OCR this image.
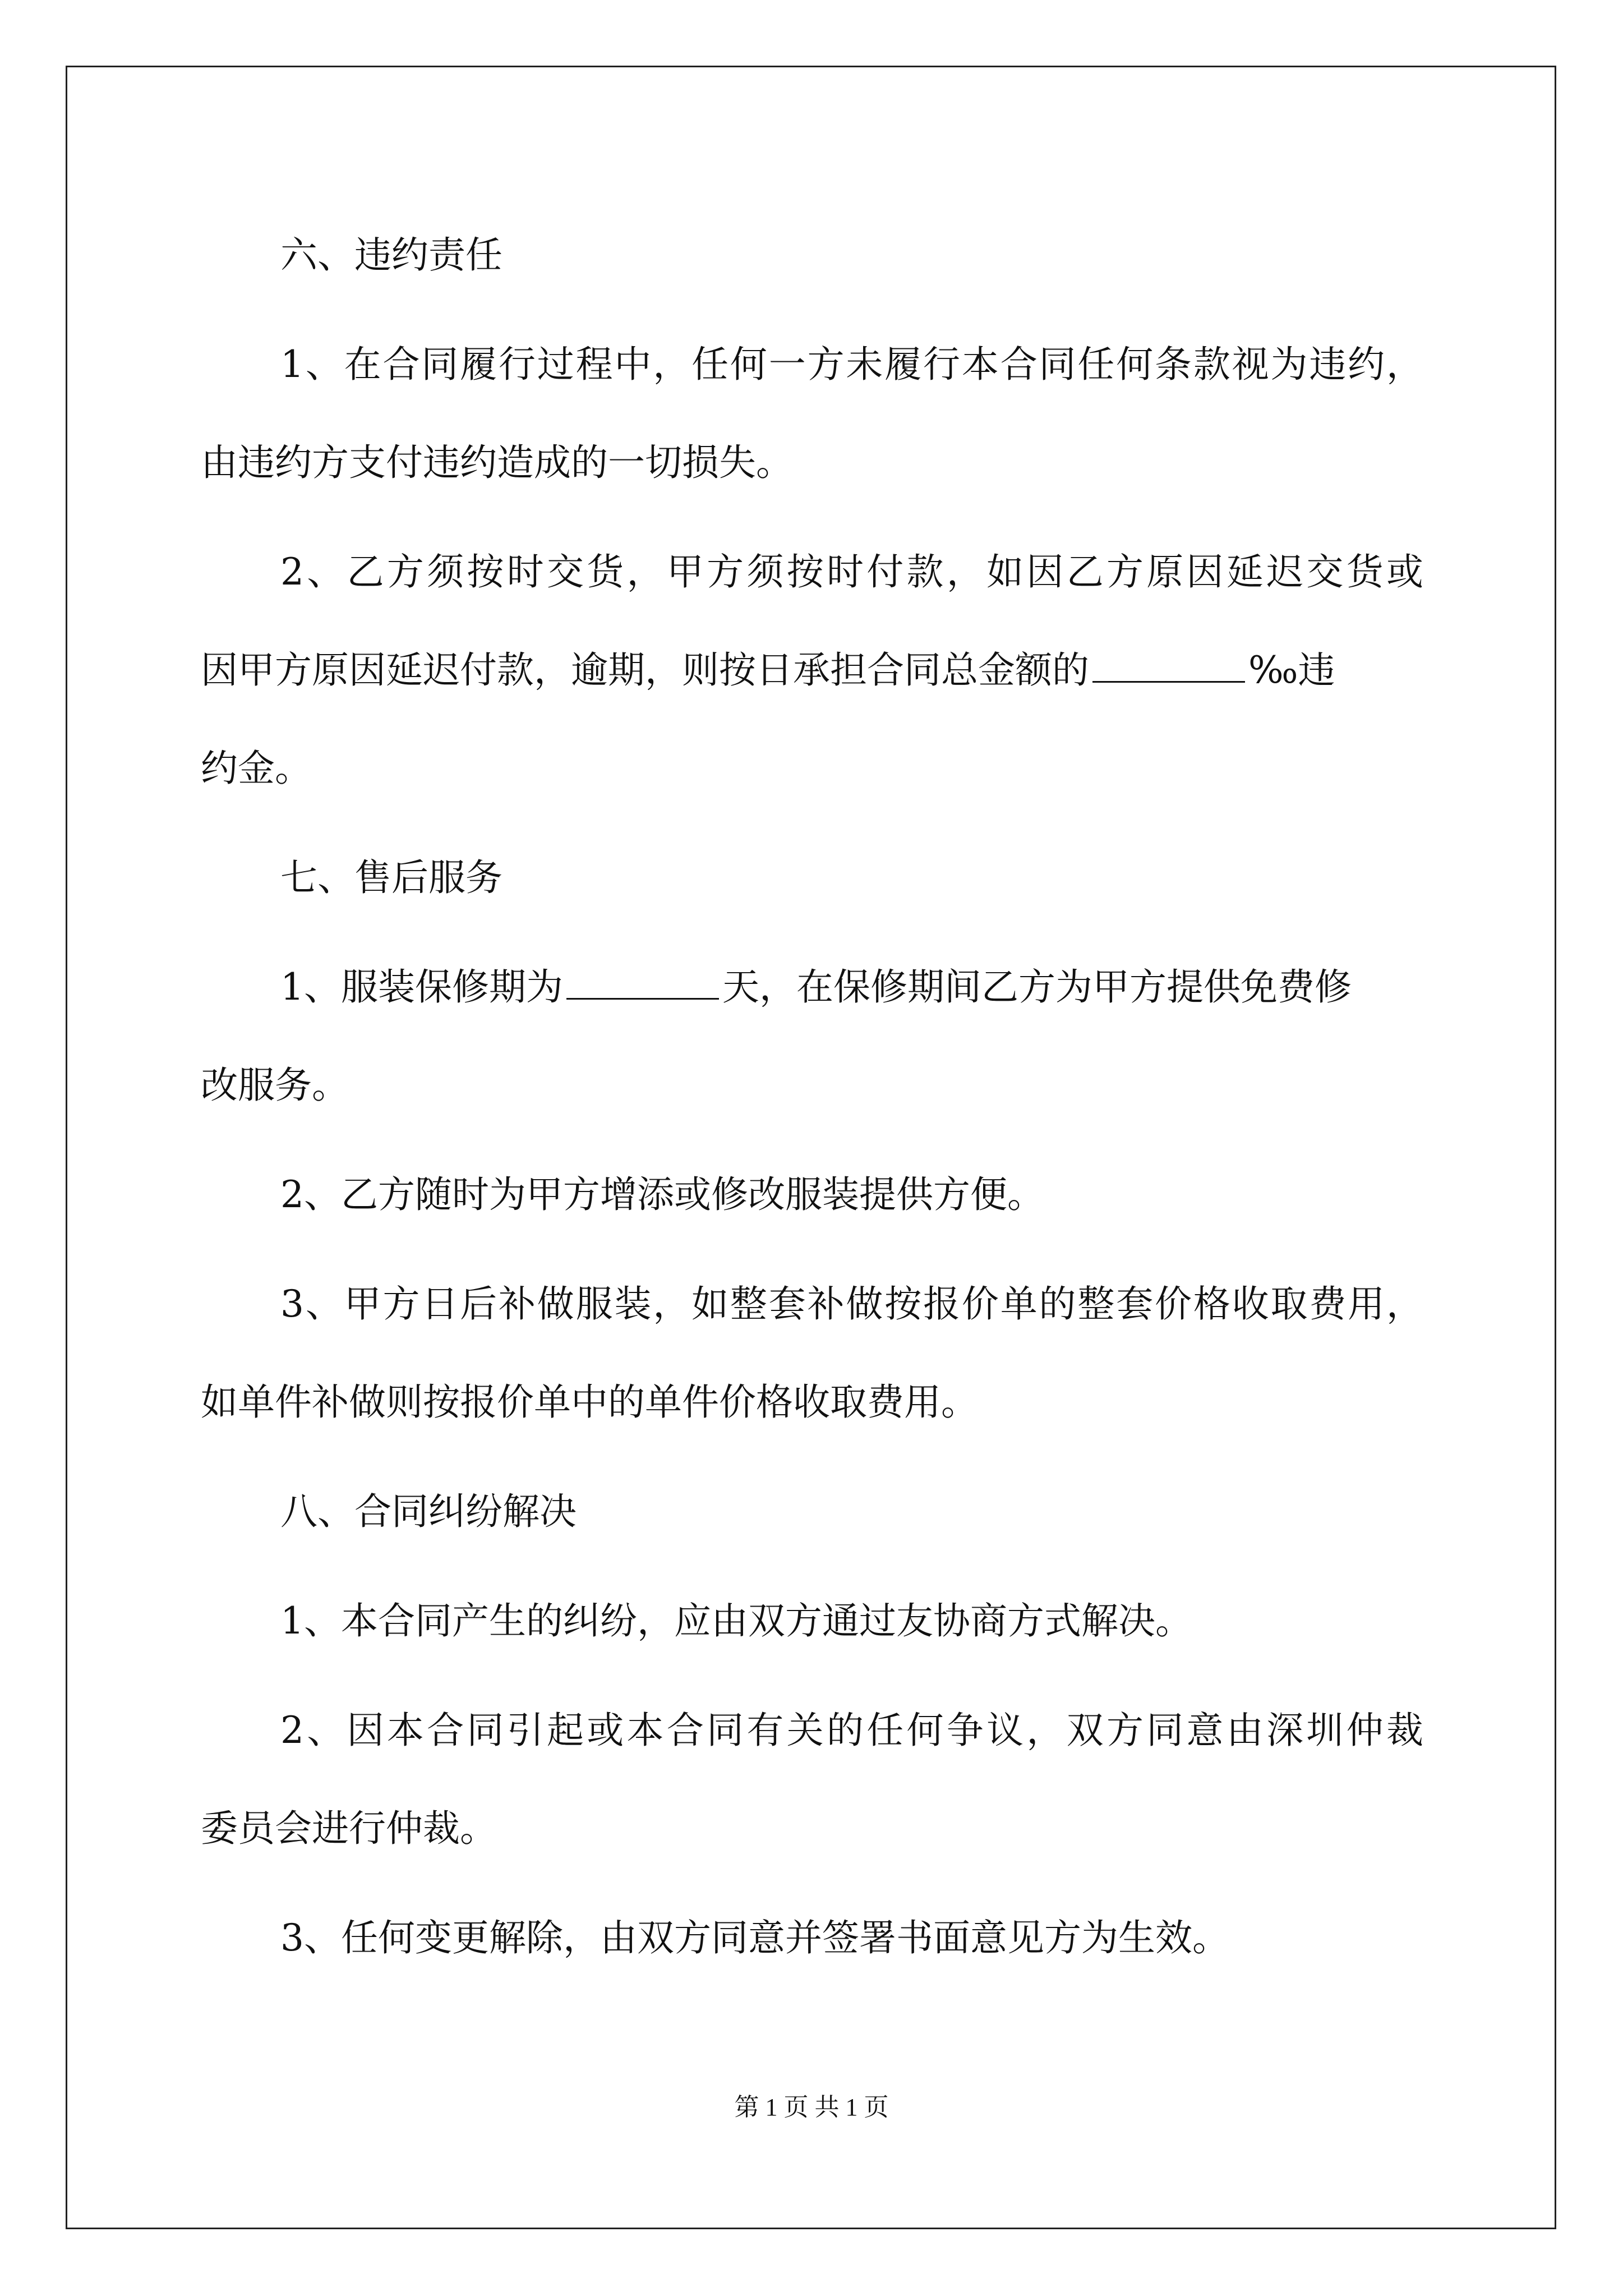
六、违约责任
1、在合同履行过程中，任何一方未履行本合同任何条款视为违约，
由违约方支付违约造成的一切损失。
2、乙方须按时交货，甲方须按时付款，如因乙方原因延迟交货或
因甲方原因延迟付款，逾期，则按日承担合同总金额的	‰违
约金。
七、售后服务
1、服装保修期为	天，在保修期间乙方为甲方提供免费修
改服务。
2、乙方随时为甲方增添或修改服装提供方便。
3、甲方日后补做服装，如整套补做按报价单的整套价格收取费用，
如单件补做则按报价单中的单件价格收取费用。
八、合同纠纷解决
1、本合同产生的纠纷，应由双方通过友协商方式解决。
2、因本合同引起或本合同有关的任何争议，双方同意由深圳仲裁
委员会进行仲裁。
3、任何变更解除，由双方同意并签署书面意见方为生效。
第 1 页 共 1 页
